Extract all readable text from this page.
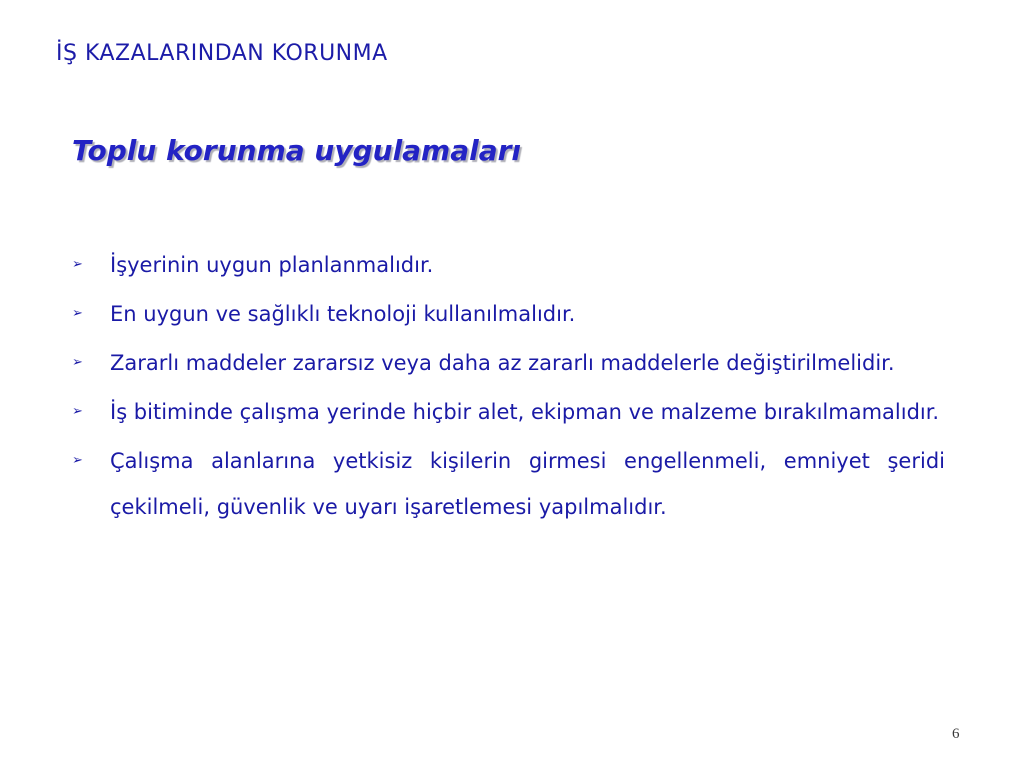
İŞ KAZALARINDAN KORUNMA
Toplu korunma uygulamaları
➢ İşyerinin uygun planlanmalıdır.
➢ En uygun ve sağlıklı teknoloji kullanılmalıdır.
➢ Zararlı maddeler zararsız veya daha az zararlı maddelerle değiştirilmelidir.
➢ İş bitiminde çalışma yerinde hiçbir alet, ekipman ve malzeme bırakılmamalıdır.
➢ Çalışma alanlarına yetkisiz kişilerin girmesi engellenmeli, emniyet şeridi çekilmeli, güvenlik ve uyarı işaretlemesi yapılmalıdır.
6
